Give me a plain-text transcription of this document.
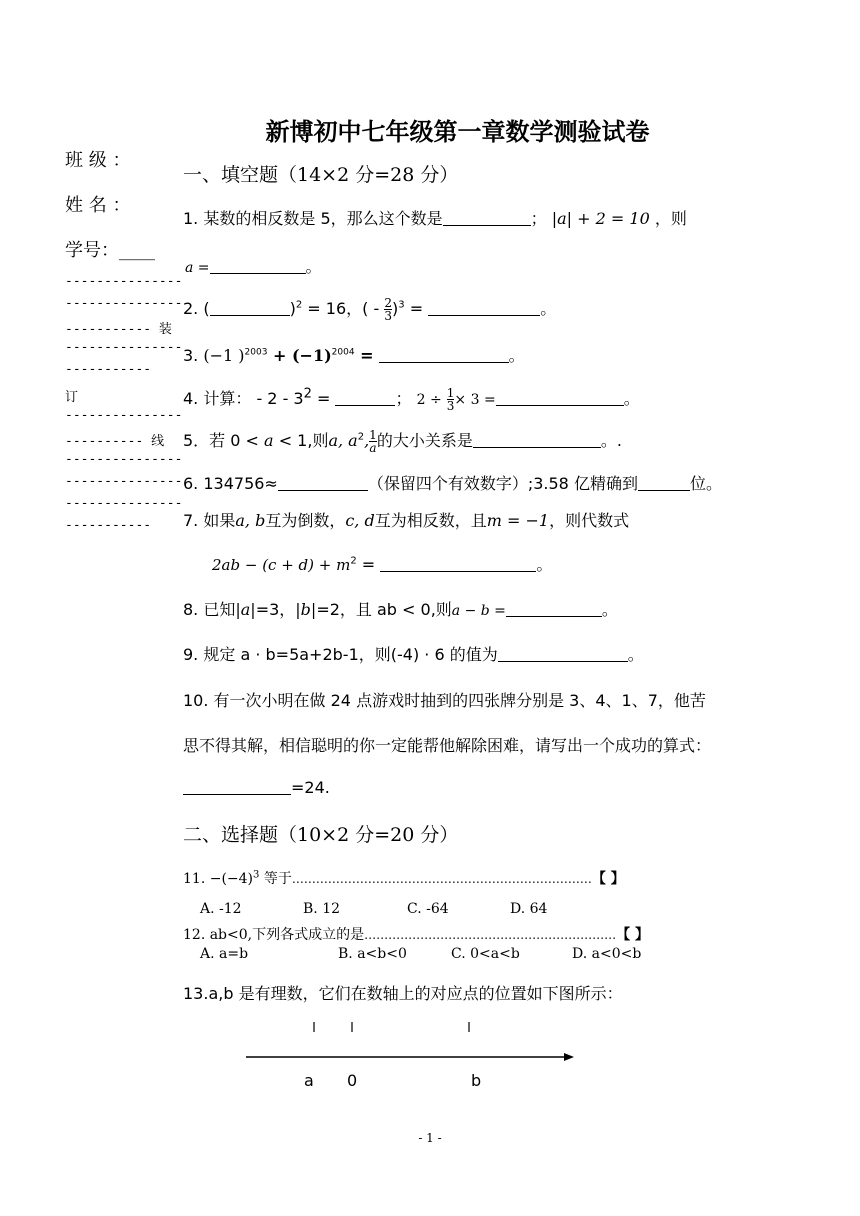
新博初中七年级第一章数学测验试卷
班 级 ：
姓 名 ：
学号：____
---------------
---------------
----------- 装
---------------
-----------
订
---------------
---------- 线
---------------
---------------
---------------
-----------
一、填空题（14×2 分=28 分）
1. 某数的相反数是 5，那么这个数是	； |a| + 2 = 10 ，则
a =	。
2. (	)$^2$ = 16，( - $\frac{2}{3} )^3$ =	。
3. (−1 )$^{2003} + (-1)^{2004}$ =	。
4. 计算： - $2 - 3^2$ =	； $2 \div \frac{1}{3} \times 3$ =	。
5．若 0 < a < 1,则a, $a^2$, $\frac{1}{a}$ 的大小关系是	。.
6. 134756≈	（保留四个有效数字）;3.58 亿精确到	位。
7. 如果a, b互为倒数，c, d互为相反数，且m = −1，则代数式
$2ab - (c + d) + m^2$ =	。
8. 已知|a|=3，|b|=2，且 ab < 0,则a − b =	。
9. 规定 a · b=5a+2b-1，则(-4) · 6 的值为	。
10. 有一次小明在做 24 点游戏时抽到的四张牌分别是 3、4、1、7，他苦
思不得其解，相信聪明的你一定能帮他解除困难，请写出一个成功的算式：
=24.
二、选择题（10×2 分=20 分）
11. $-(-4)^3$ 等于…………………………………………………………………【 】
A. -12	B. 12	C. -64	D. 64
12. ab<0,下列各式成立的是………………………………………………………【 】
A. a=b	B. a<b<0	C. 0<a<b	D. a<0<b
13.a,b 是有理数，它们在数轴上的对应点的位置如下图所示：
a 0	b
- 1 -
